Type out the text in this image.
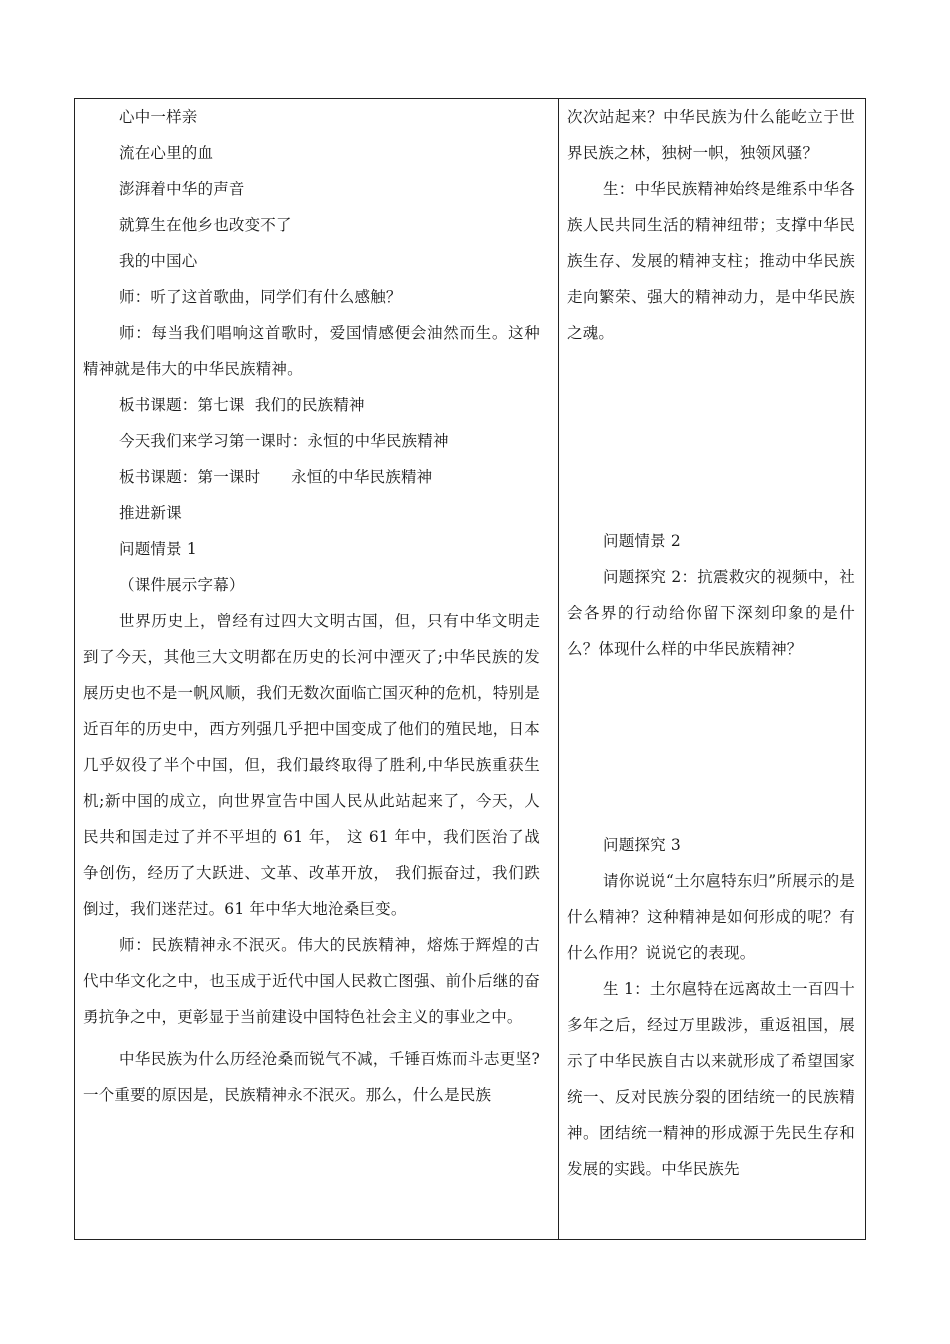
心中一样亲

流在心里的血

澎湃着中华的声音

就算生在他乡也改变不了

我的中国心

师：听了这首歌曲，同学们有什么感触？

师：每当我们唱响这首歌时，爱国情感便会油然而生。这种精神就是伟大的中华民族精神。

板书课题：第七课  我们的民族精神

今天我们来学习第一课时：永恒的中华民族精神

板书课题：第一课时      永恒的中华民族精神

推进新课

问题情景 1

（课件展示字幕）

世界历史上，曾经有过四大文明古国，但，只有中华文明走到了今天，其他三大文明都在历史的长河中湮灭了;中华民族的发展历史也不是一帆风顺，我们无数次面临亡国灭种的危机，特别是近百年的历史中，西方列强几乎把中国变成了他们的殖民地，日本几乎奴役了半个中国，但，我们最终取得了胜利,中华民族重获生机;新中国的成立，向世界宣告中国人民从此站起来了，今天，人民共和国走过了并不平坦的 61 年， 这 61 年中，我们医治了战争创伤，经历了大跃进、文革、改革开放， 我们振奋过，我们跌倒过，我们迷茫过。61 年中华大地沧桑巨变。

师：民族精神永不泯灭。伟大的民族精神，熔炼于辉煌的古代中华文化之中，也玉成于近代中国人民救亡图强、前仆后继的奋勇抗争之中，更彰显于当前建设中国特色社会主义的事业之中。

中华民族为什么历经沧桑而锐气不减，千锤百炼而斗志更坚?一个重要的原因是，民族精神永不泯灭。那么，什么是民族

次次站起来？中华民族为什么能屹立于世界民族之林，独树一帜，独领风骚？

生：中华民族精神始终是维系中华各族人民共同生活的精神纽带；支撑中华民族生存、发展的精神支柱；推动中华民族走向繁荣、强大的精神动力，是中华民族之魂。

问题情景 2

问题探究 2：抗震救灾的视频中，社会各界的行动给你留下深刻印象的是什么？体现什么样的中华民族精神？

问题探究 3

请你说说“土尔扈特东归”所展示的是什么精神？这种精神是如何形成的呢？有什么作用？说说它的表现。

生 1：土尔扈特在远离故土一百四十多年之后，经过万里跋涉，重返祖国，展示了中华民族自古以来就形成了希望国家统一、反对民族分裂的团结统一的民族精神。团结统一精神的形成源于先民生存和发展的实践。中华民族先
